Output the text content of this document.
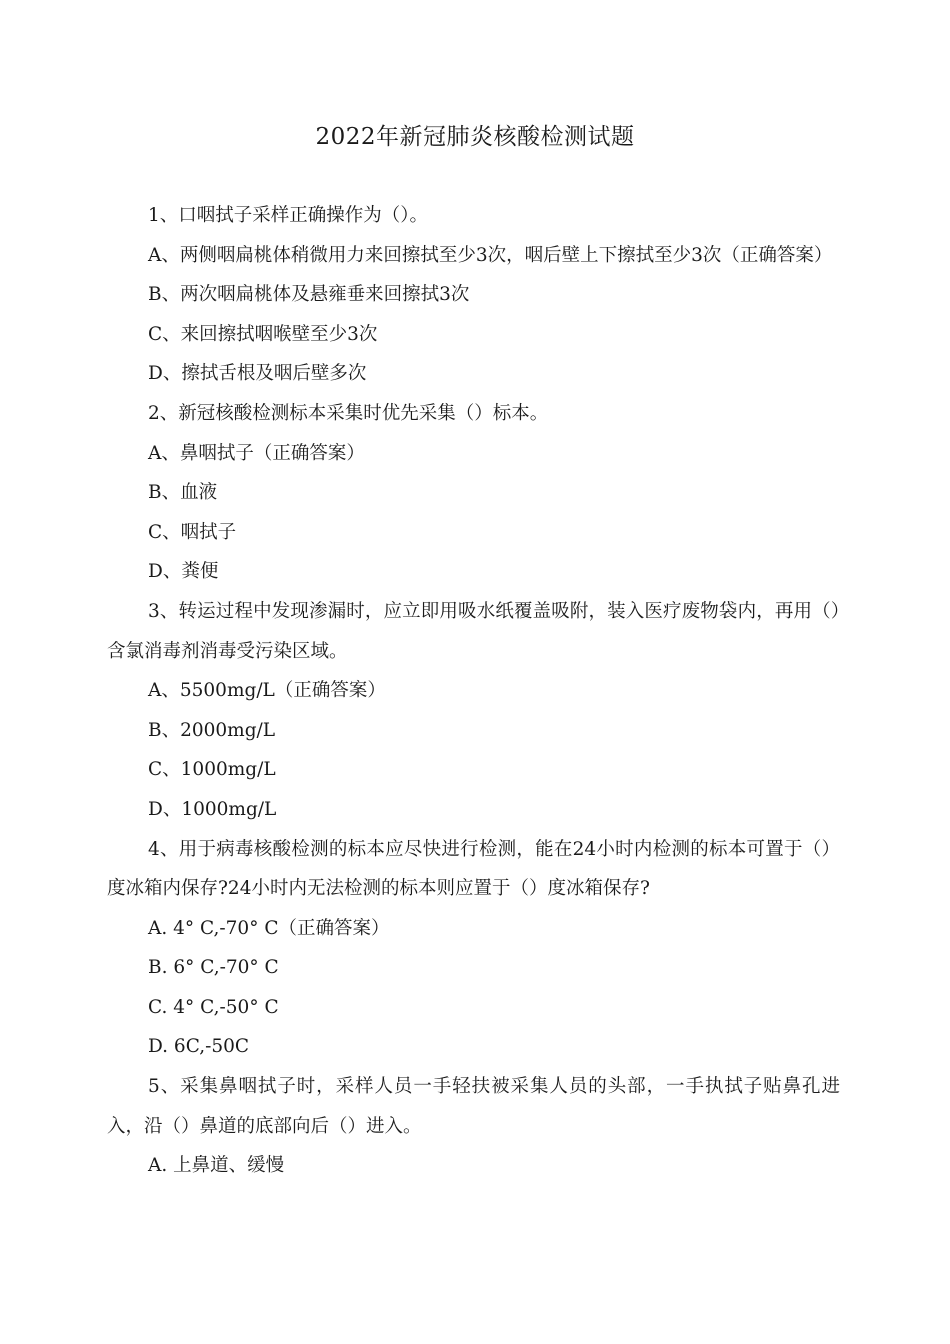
2022年新冠肺炎核酸检测试题

1、口咽拭子采样正确操作为（）。

A、两侧咽扁桃体稍微用力来回擦拭至少3次，咽后壁上下擦拭至少3次（正确答案）

B、两次咽扁桃体及悬雍垂来回擦拭3次

C、来回擦拭咽喉壁至少3次

D、擦拭舌根及咽后壁多次

2、新冠核酸检测标本采集时优先采集（）标本。

A、鼻咽拭子（正确答案）

B、血液

C、咽拭子

D、粪便

3、转运过程中发现渗漏时，应立即用吸水纸覆盖吸附，装入医疗废物袋内，再用（）含氯消毒剂消毒受污染区域。

A、5500mg/L（正确答案）

B、2000mg/L

C、1000mg/L

D、1000mg/L

4、用于病毒核酸检测的标本应尽快进行检测，能在24小时内检测的标本可置于（）度冰箱内保存?24小时内无法检测的标本则应置于（）度冰箱保存?

A. 4° C,-70° C（正确答案）

B. 6° C,-70° C

C. 4° C,-50° C

D. 6C,-50C

5、采集鼻咽拭子时，采样人员一手轻扶被采集人员的头部，一手执拭子贴鼻孔进入，沿（）鼻道的底部向后（）进入。

A. 上鼻道、缓慢
